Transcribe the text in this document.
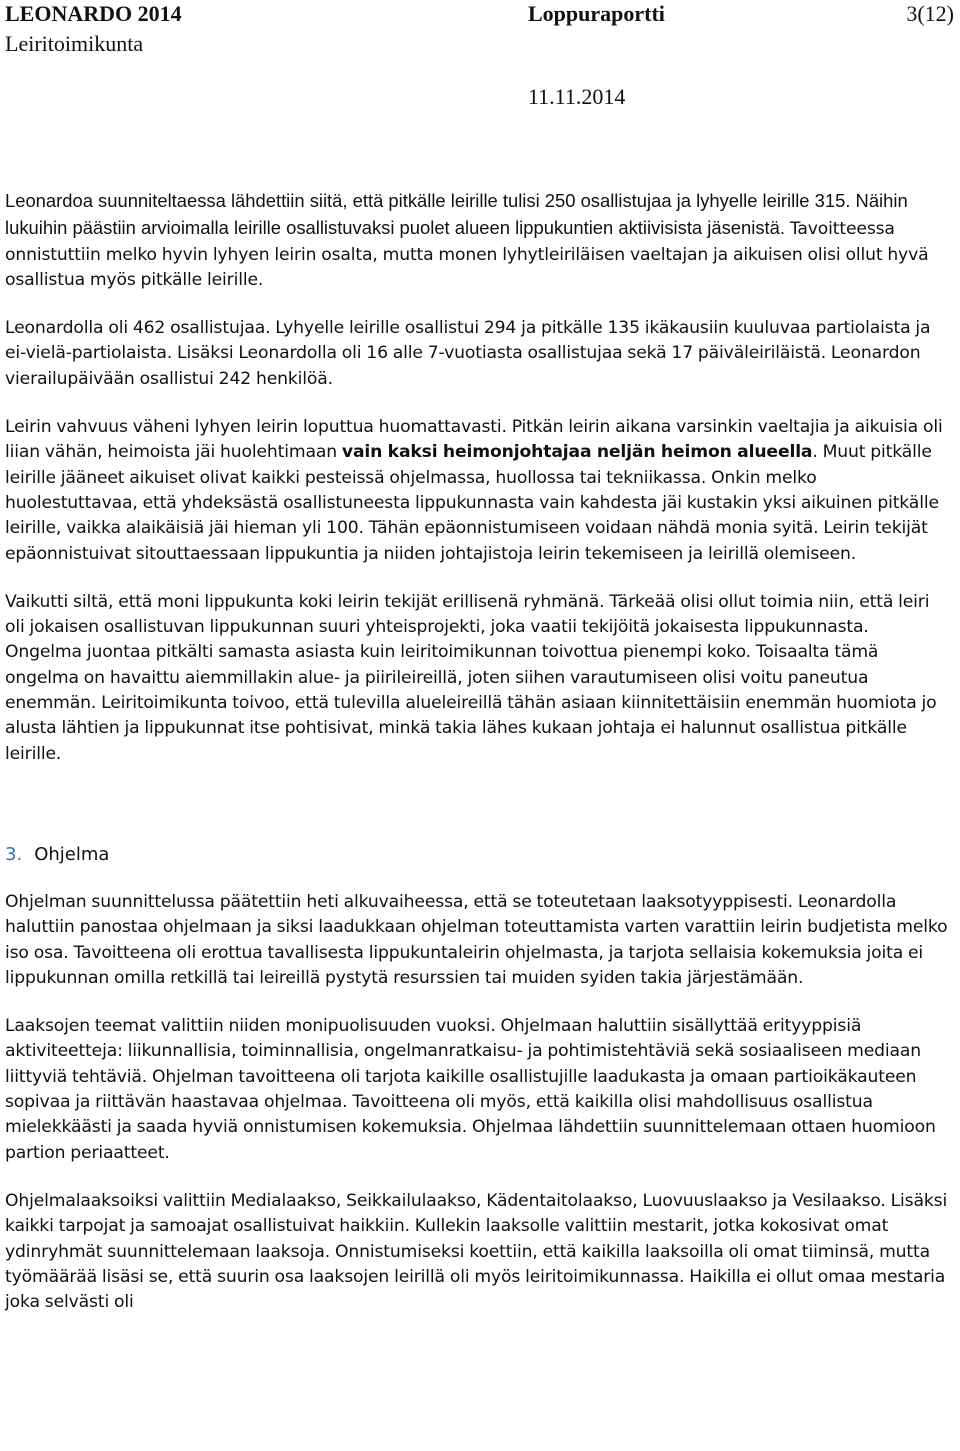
LEONARDO 2014
Leiritoimikunta
Loppuraportti	3(12)
11.11.2014

Leonardoa suunniteltaessa lähdettiin siitä, että pitkälle leirille tulisi 250 osallistujaa ja lyhyelle leirille 315. Näihin lukuihin päästiin arvioimalla leirille osallistuvaksi puolet alueen lippukuntien aktiivisista jäsenistä. Tavoitteessa onnistuttiin melko hyvin lyhyen leirin osalta, mutta monen lyhytleiriläisen vaeltajan ja aikuisen olisi ollut hyvä osallistua myös pitkälle leirille.

Leonardolla oli 462 osallistujaa. Lyhyelle leirille osallistui 294 ja pitkälle 135 ikäkausiin kuuluvaa partiolaista ja ei-vielä-partiolaista. Lisäksi Leonardolla oli 16 alle 7-vuotiasta osallistujaa sekä 17 päiväleiriläistä. Leonardon vierailupäivään osallistui 242 henkilöä.

Leirin vahvuus väheni lyhyen leirin loputtua huomattavasti. Pitkän leirin aikana varsinkin vaeltajia ja aikuisia oli liian vähän, heimoista jäi huolehtimaan vain kaksi heimonjohtajaa neljän heimon alueella. Muut pitkälle leirille jääneet aikuiset olivat kaikki pesteissä ohjelmassa, huollossa tai tekniikassa. Onkin melko huolestuttavaa, että yhdeksästä osallistuneesta lippukunnasta vain kahdesta jäi kustakin yksi aikuinen pitkälle leirille, vaikka alaikäisiä jäi hieman yli 100. Tähän epäonnistumiseen voidaan nähdä monia syitä. Leirin tekijät epäonnistuivat sitouttaessaan lippukuntia ja niiden johtajistoja leirin tekemiseen ja leirillä olemiseen.

Vaikutti siltä, että moni lippukunta koki leirin tekijät erillisenä ryhmänä. Tärkeää olisi ollut toimia niin, että leiri oli jokaisen osallistuvan lippukunnan suuri yhteisprojekti, joka vaatii tekijöitä jokaisesta lippukunnasta. Ongelma juontaa pitkälti samasta asiasta kuin leiritoimikunnan toivottua pienempi koko. Toisaalta tämä ongelma on havaittu aiemmillakin alue- ja piirileireillä, joten siihen varautumiseen olisi voitu paneutua enemmän. Leiritoimikunta toivoo, että tulevilla alueleireillä tähän asiaan kiinnitettäisiin enemmän huomiota jo alusta lähtien ja lippukunnat itse pohtisivat, minkä takia lähes kukaan johtaja ei halunnut osallistua pitkälle leirille.

3. Ohjelma

Ohjelman suunnittelussa päätettiin heti alkuvaiheessa, että se toteutetaan laaksotyyppisesti. Leonardolla haluttiin panostaa ohjelmaan ja siksi laadukkaan ohjelman toteuttamista varten varattiin leirin budjetista melko iso osa. Tavoitteena oli erottua tavallisesta lippukuntaleirin ohjelmasta, ja tarjota sellaisia kokemuksia joita ei lippukunnan omilla retkillä tai leireillä pystytä resurssien tai muiden syiden takia järjestämään.

Laaksojen teemat valittiin niiden monipuolisuuden vuoksi. Ohjelmaan haluttiin sisällyttää erityyppisiä aktiviteetteja: liikunnallisia, toiminnallisia, ongelmanratkaisu- ja pohtimistehtäviä sekä sosiaaliseen mediaan liittyviä tehtäviä. Ohjelman tavoitteena oli tarjota kaikille osallistujille laadukasta ja omaan partioikäkauteen sopivaa ja riittävän haastavaa ohjelmaa. Tavoitteena oli myös, että kaikilla olisi mahdollisuus osallistua mielekkäästi ja saada hyviä onnistumisen kokemuksia. Ohjelmaa lähdettiin suunnittelemaan ottaen huomioon partion periaatteet.

Ohjelmalaaksoiksi valittiin Medialaakso, Seikkailulaakso, Kädentaitolaakso, Luovuuslaakso ja Vesilaakso. Lisäksi kaikki tarpojat ja samoajat osallistuivat haikkiin. Kullekin laaksolle valittiin mestarit, jotka kokosivat omat ydinryhmät suunnittelemaan laaksoja. Onnistumiseksi koettiin, että kaikilla laaksoilla oli omat tiiminsä, mutta työmäärää lisäsi se, että suurin osa laaksojen leirillä oli myös leiritoimikunnassa. Haikilla ei ollut omaa mestaria joka selvästi oli
